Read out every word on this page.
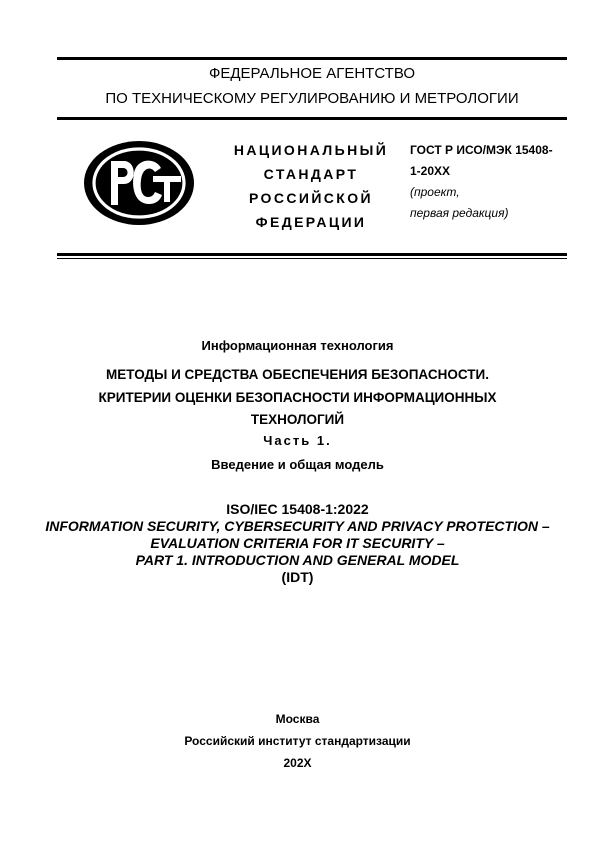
ФЕДЕРАЛЬНОЕ АГЕНТСТВО
ПО ТЕХНИЧЕСКОМУ РЕГУЛИРОВАНИЮ И МЕТРОЛОГИИ
НАЦИОНАЛЬНЫЙ
СТАНДАРТ
РОССИЙСКОЙ
ФЕДЕРАЦИИ
ГОСТ Р ИСО/МЭК 15408-
1-20ХХ
(проект,
первая редакция)
Информационная технология
МЕТОДЫ И СРЕДСТВА ОБЕСПЕЧЕНИЯ БЕЗОПАСНОСТИ.
КРИТЕРИИ ОЦЕНКИ БЕЗОПАСНОСТИ ИНФОРМАЦИОННЫХ
ТЕХНОЛОГИЙ
Часть 1.
Введение и общая модель
ISO/IEC 15408-1:2022
INFORMATION SECURITY, CYBERSECURITY AND PRIVACY PROTECTION –
EVALUATION CRITERIA FOR IT SECURITY –
PART 1. INTRODUCTION AND GENERAL MODEL
(IDT)
Москва
Российский институт стандартизации
202Х
